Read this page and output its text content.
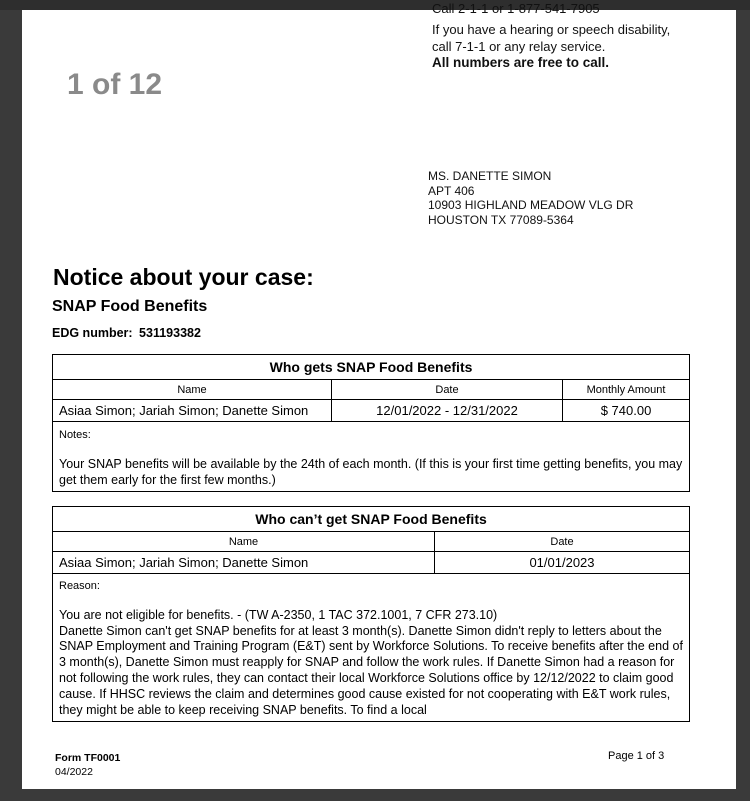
1 of 12
Call 2-1-1 or 1-877-541-7905
If you have a hearing or speech disability,
call 7-1-1 or any relay service.
All numbers are free to call.
MS. DANETTE SIMON
APT 406
10903 HIGHLAND MEADOW VLG DR
HOUSTON TX 77089-5364
Notice about your case:
SNAP Food Benefits
EDG number: 531193382
Who gets SNAP Food Benefits		
Name	Date	Monthly Amount
Asiaa Simon; Jariah Simon; Danette Simon	12/01/2022 - 12/31/2022	$ 740.00

Notes:
Your SNAP benefits will be available by the 24th of each month. (If this is your first time getting benefits, you may get them early for the first few months.)		
Who can’t get SNAP Food Benefits	
Name	Date
Asiaa Simon; Jariah Simon; Danette Simon	01/01/2023

Reason:
You are not eligible for benefits. - (TW A-2350, 1 TAC 372.1001, 7 CFR 273.10)
Danette Simon can't get SNAP benefits for at least 3 month(s). Danette Simon didn't reply to letters about the SNAP Employment and Training Program (E&T) sent by Workforce Solutions. To receive benefits after the end of 3 month(s), Danette Simon must reapply for SNAP and follow the work rules. If Danette Simon had a reason for not following the work rules, they can contact their local Workforce Solutions office by 12/12/2022 to claim good cause. If HHSC reviews the claim and determines good cause existed for not cooperating with E&T work rules, they might be able to keep receiving SNAP benefits. To find a local	
Form TF0001
04/2022
Page 1 of 3
